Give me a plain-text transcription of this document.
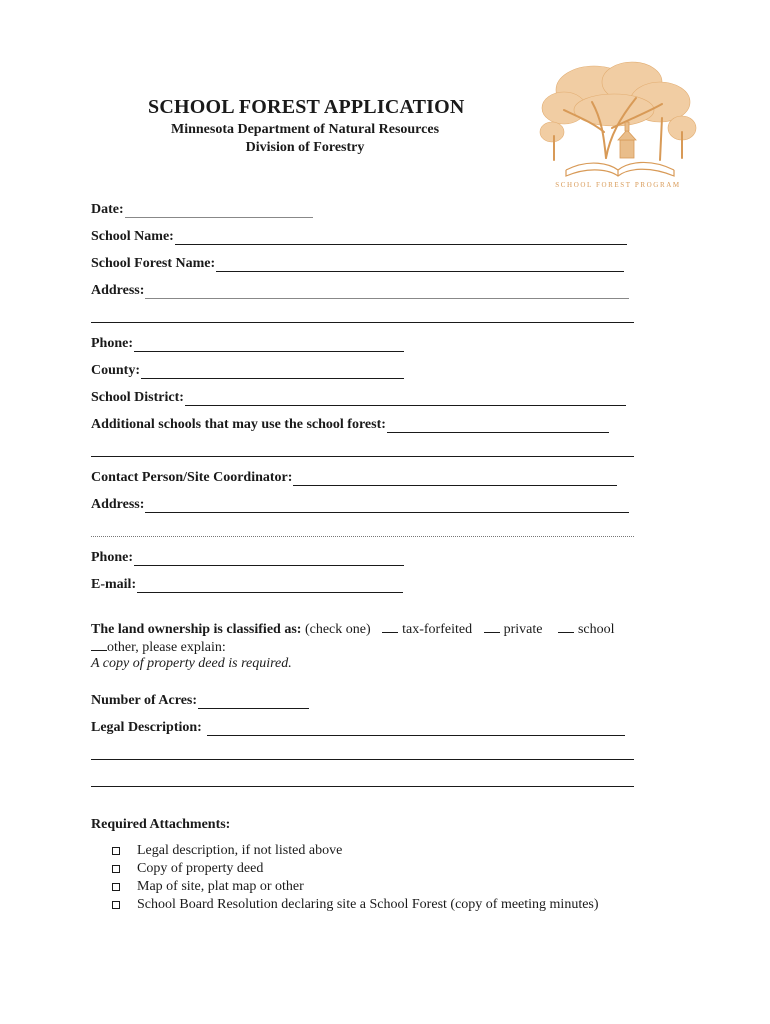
SCHOOL FOREST APPLICATION
Minnesota Department of Natural Resources
Division of Forestry
SCHOOL FOREST PROGRAM
Date:
School Name:
School Forest Name:
Address:
Phone:
County:
School District:
Additional schools that may use the school forest:
Contact Person/Site Coordinator:
Address:
Phone:
E-mail:
The land ownership is classified as: (check one) tax-forfeited private	school
other, please explain:
A copy of property deed is required.
Number of Acres:
Legal Description:
Required Attachments:
Legal description, if not listed above
Copy of property deed
Map of site, plat map or other
School Board Resolution declaring site a School Forest (copy of meeting minutes)
